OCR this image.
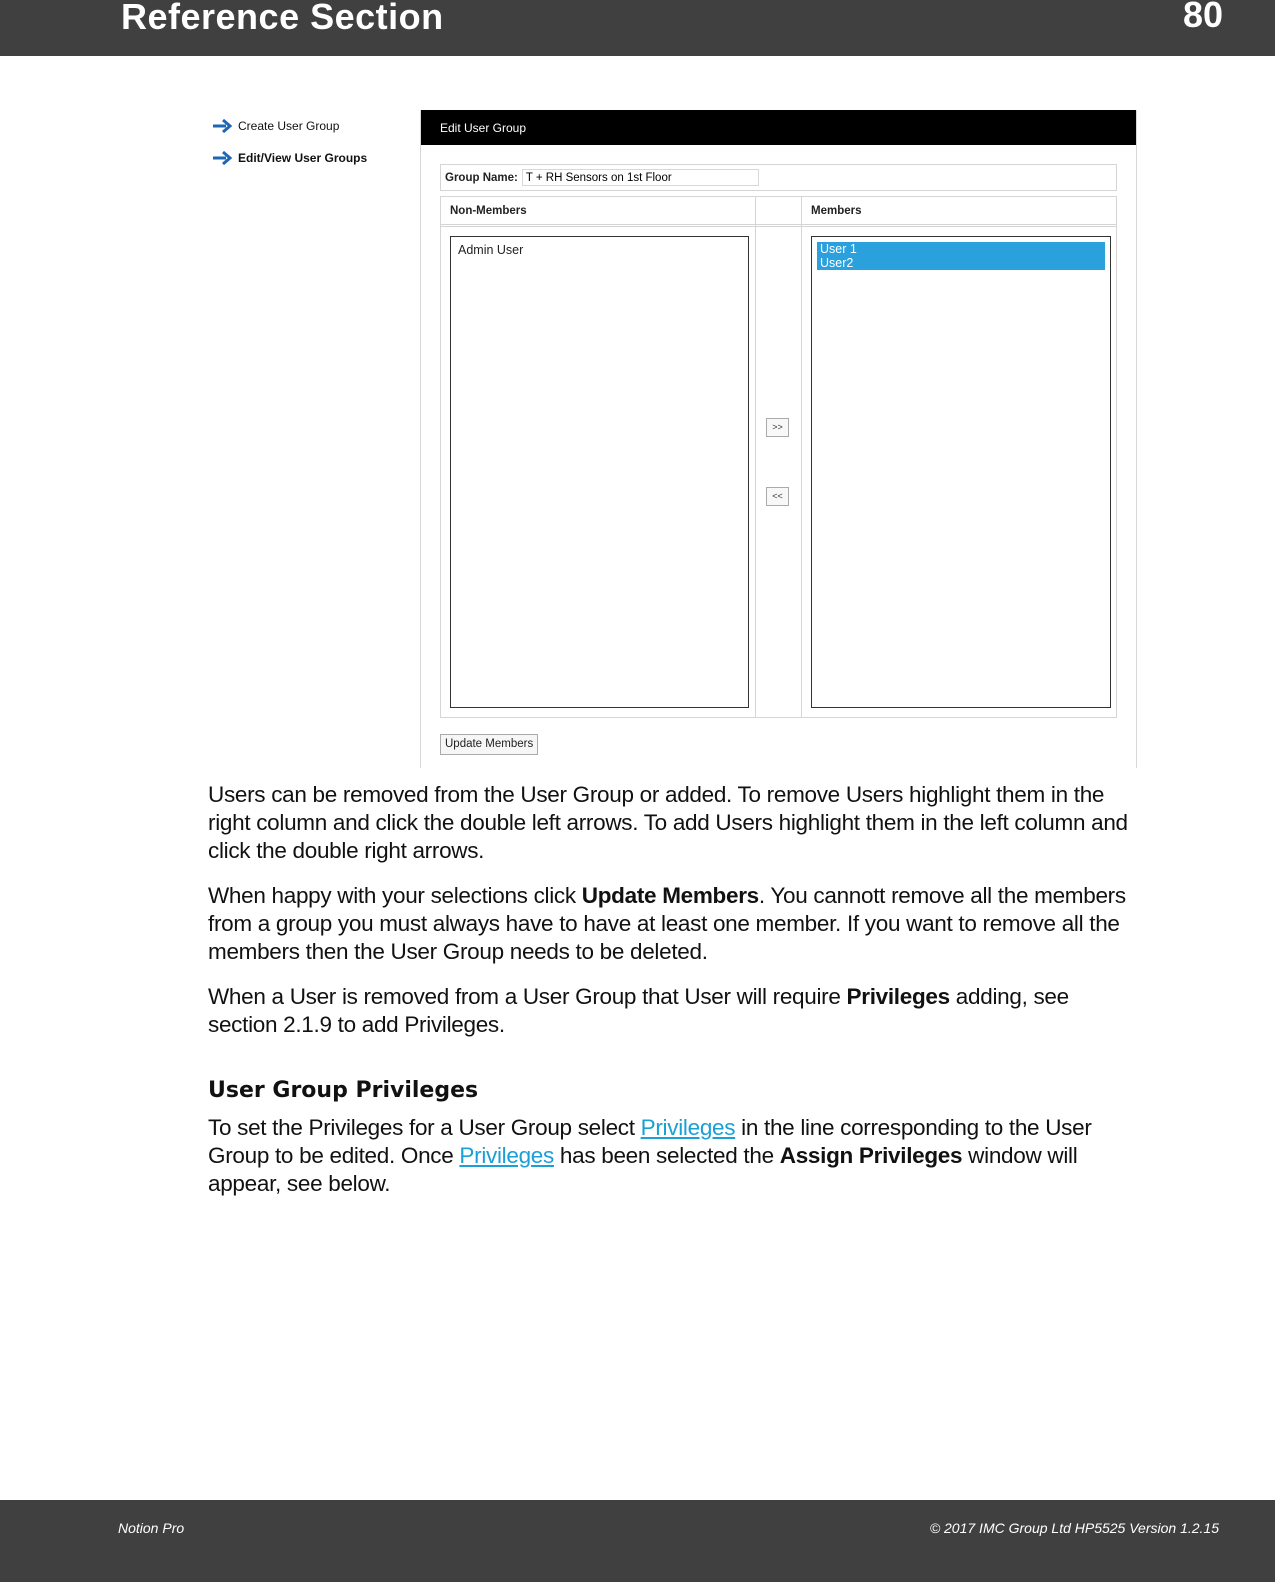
Reference Section	80
Create User Group
Edit/View User Groups
Edit User Group
Group Name:
T + RH Sensors on 1st Floor
Non-Members
Admin User
>>
<<
Members
User 1
User2
Update Members
Users can be removed from the User Group or added. To remove Users highlight them in the right column and click the double left arrows. To add Users highlight them in the left column and click the double right arrows.
When happy with your selections click Update Members. You cannott remove all the members from a group you must always have to have at least one member. If you want to remove all the members then the User Group needs to be deleted.
When a User is removed from a User Group that User will require Privileges adding, see section 2.1.9 to add Privileges.
User Group Privileges
To set the Privileges for a User Group select Privileges in the line corresponding to the User Group to be edited. Once Privileges has been selected the Assign Privileges window will appear, see below.
Notion Pro	© 2017 IMC Group Ltd HP5525 Version 1.2.15
